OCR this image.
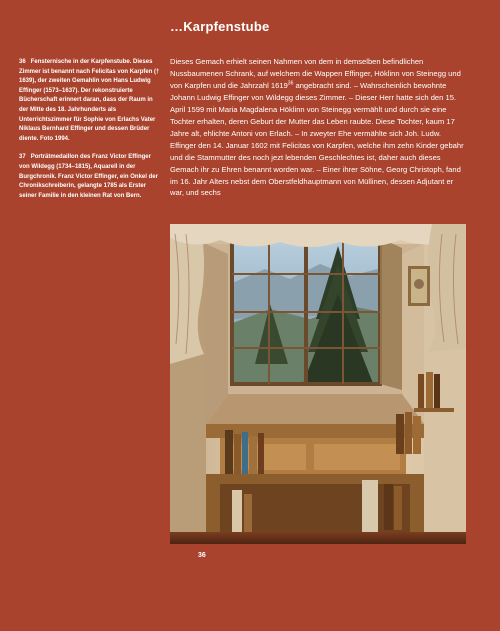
…Karpfenstube

36 Fensternische in der Karpfenstube. Dieses Zimmer ist benannt nach Felicitas von Karpfen († 1639), der zweiten Gemahlin von Hans Ludwig Effinger (1573–1637). Der rekonstruierte Bücherschaft erinnert daran, dass der Raum in der Mitte des 18. Jahrhunderts als Unterrichtszimmer für Sophie von Erlachs Vater Niklaus Bernhard Effinger und dessen Brüder diente. Foto 1994.

37 Porträtmedaillon des Franz Victor Effinger von Wildegg (1734–1815), Aquarell in der Burgchronik. Franz Victor Effinger, ein Onkel der Chronikschreiberin, gelangte 1785 als Erster seiner Familie in den kleinen Rat von Bern.

Dieses Gemach erhielt seinen Nahmen von dem in demselben befindlichen Nussbaumenen Schrank, auf welchem die Wappen Effinger, Höklinn von Steinegg und von Karpfen und die Jahrzahl 1619$^{36}$ angebracht sind. – Wahrscheinlich bewohnte Johann Ludwig Effinger von Wildegg dieses Zimmer. – Dieser Herr hatte sich den 15. April 1599 mit Maria Magdalena Höklinn von Steinegg vermählt und durch sie eine Tochter erhalten, deren Geburt der Mutter das Leben raubte. Diese Tochter, kaum 17 Jahre alt, ehlichte Antoni von Erlach. – In zweyter Ehe vermählte sich Joh. Ludw. Effinger den 14. Januar 1602 mit Felicitas von Karpfen, welche ihm zehn Kinder gebahr und die Stammutter des noch jezt lebenden Geschlechtes ist, daher auch dieses Gemach ihr zu Ehren benannt worden war. – Einer ihrer Söhne, Georg Christoph, fand im 16. Jahr Alters nebst dem Oberstfeldhauptmann von Müllinen, dessen Adjutant er war, und sechs
36
